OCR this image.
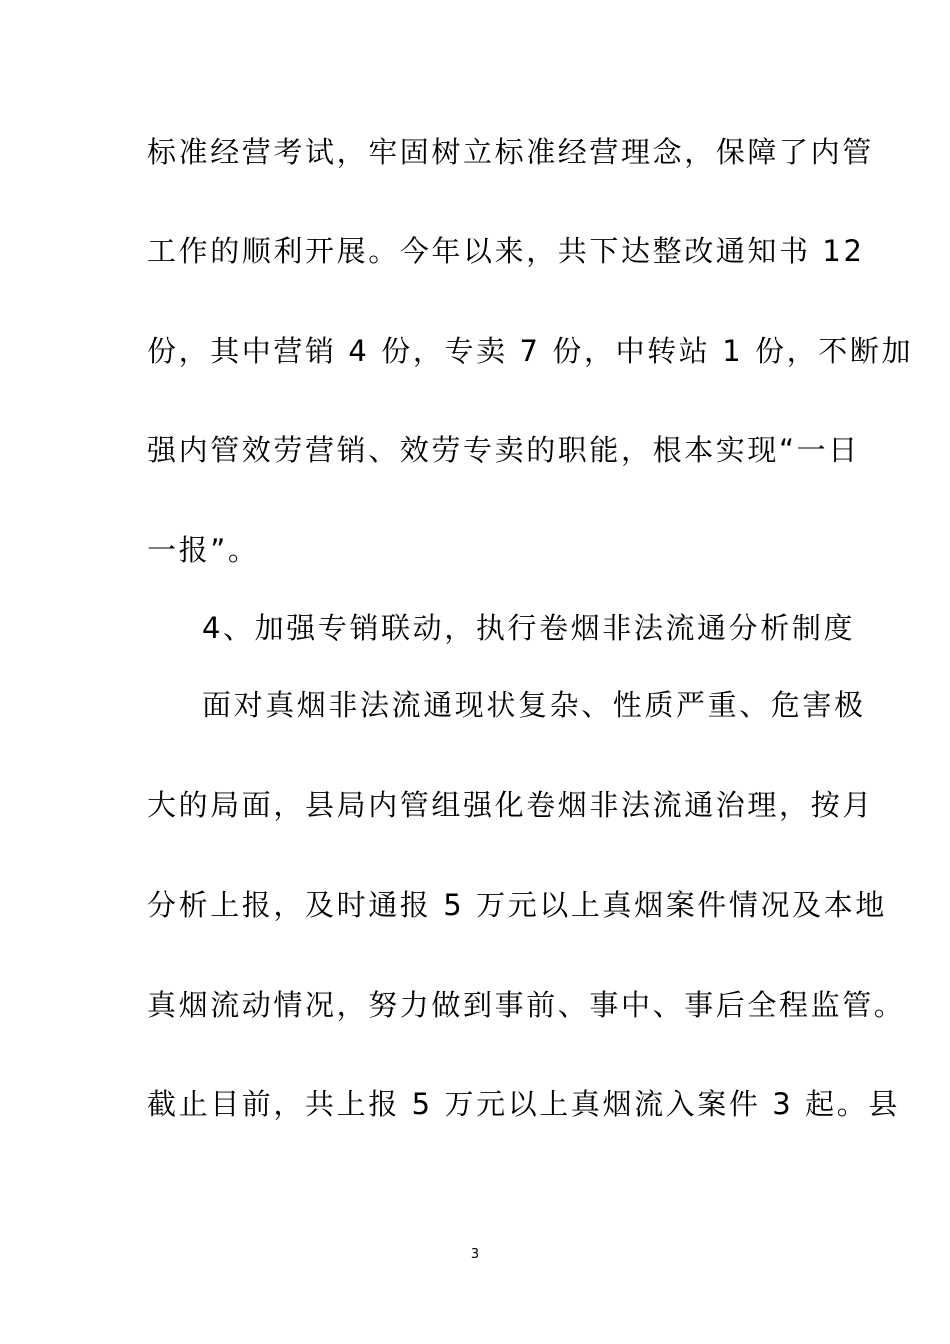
标准经营考试，牢固树立标准经营理念，保障了内管
工作的顺利开展。今年以来，共下达整改通知书 12
份，其中营销 4 份，专卖 7 份，中转站 1 份，不断加
强内管效劳营销、效劳专卖的职能，根本实现“一日
一报”。
4、加强专销联动，执行卷烟非法流通分析制度
面对真烟非法流通现状复杂、性质严重、危害极
大的局面，县局内管组强化卷烟非法流通治理，按月
分析上报，及时通报 5 万元以上真烟案件情况及本地
真烟流动情况，努力做到事前、事中、事后全程监管。
截止目前，共上报 5 万元以上真烟流入案件 3 起。县
3
